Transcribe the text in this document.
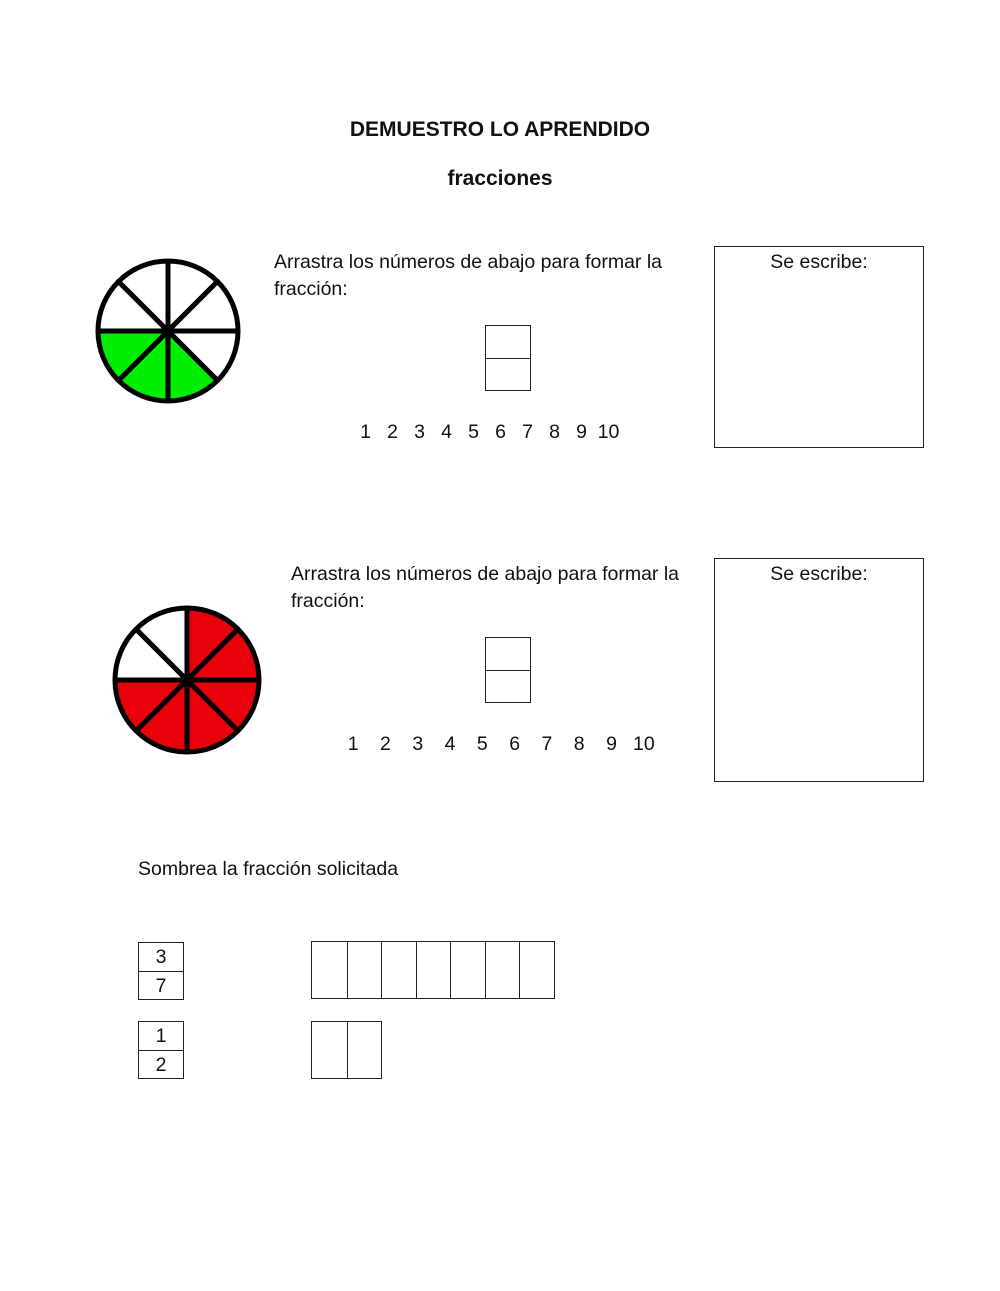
DEMUESTRO LO APRENDIDO
fracciones
Arrastra los números de abajo para formar la fracción:
1 2 3 4 5 6 7 8 9 10
Se escribe:
Arrastra los números de abajo para formar la fracción:
1	2	3	4	5	6	7	8	9 10
Se escribe:
Sombrea la fracción solicitada
$\frac{3}{7}$
$\frac{1}{2}$
